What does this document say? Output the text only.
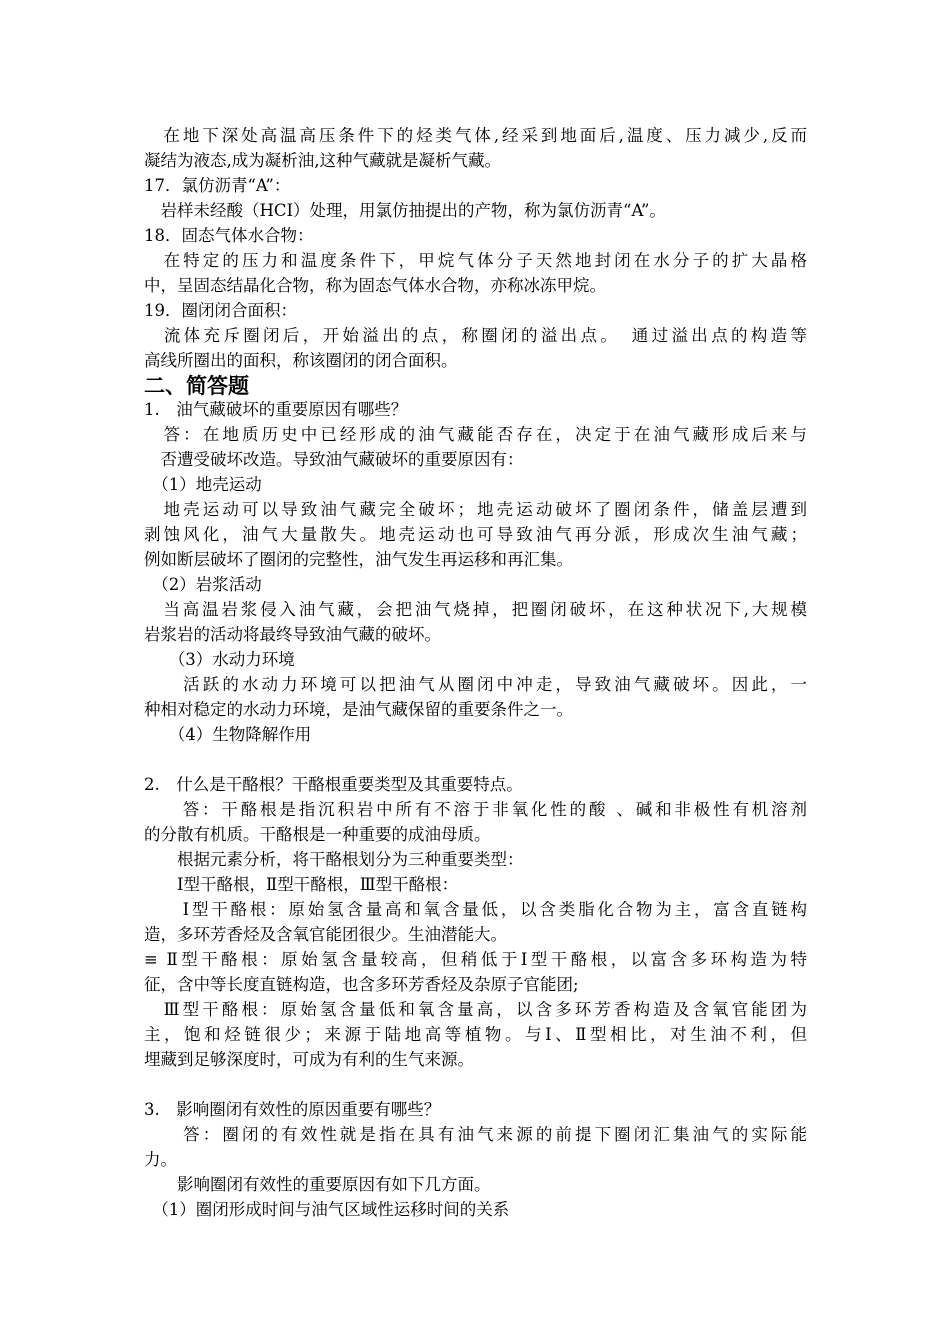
　在地下深处高温高压条件下的烃类气体,经采到地面后,温度、压力减少,反而

凝结为液态,成为凝析油,这种气藏就是凝析气藏。

17．氯仿沥青“A”：

　岩样未经酸（HCI）处理，用氯仿抽提出的产物，称为氯仿沥青“A”。

18．固态气体水合物：

　在特定的压力和温度条件下，甲烷气体分子天然地封闭在水分子的扩大晶格

中，呈固态结晶化合物，称为固态气体水合物，亦称冰冻甲烷。

19．圈闭闭合面积：

　流体充斥圈闭后，开始溢出的点，称圈闭的溢出点。　通过溢出点的构造等

高线所圈出的面积，称该圈闭的闭合面积。

二、简答题

1.　油气藏破坏的重要原因有哪些？

　答：在地质历史中已经形成的油气藏能否存在，决定于在油气藏形成后来与

　否遭受破坏改造。导致油气藏破坏的重要原因有：

　（1）地壳运动

　地壳运动可以导致油气藏完全破坏；地壳运动破坏了圈闭条件，储盖层遭到

剥蚀风化，油气大量散失。地壳运动也可导致油气再分派，形成次生油气藏；

例如断层破坏了圈闭的完整性，油气发生再运移和再汇集。

　（2）岩浆活动

　当高温岩浆侵入油气藏，会把油气烧掉，把圈闭破坏，在这种状况下,大规模

岩浆岩的活动将最终导致油气藏的破坏。

　　（3）水动力环境

　　活跃的水动力环境可以把油气从圈闭中冲走，导致油气藏破坏。因此，一

种相对稳定的水动力环境，是油气藏保留的重要条件之一。

　　（4）生物降解作用

2.　什么是干酪根？干酪根重要类型及其重要特点。

　　答：干酪根是指沉积岩中所有不溶于非氧化性的酸 、碱和非极性有机溶剂

的分散有机质。干酪根是一种重要的成油母质。

　　根据元素分析，将干酪根划分为三种重要类型：

　　I型干酪根，Ⅱ型干酪根，Ⅲ型干酪根：

　　I型干酪根：原始氢含量高和氧含量低，以含类脂化合物为主，富含直链构

造，多环芳香烃及含氧官能团很少。生油潜能大。

≡ Ⅱ型干酪根：原始氢含量较高，但稍低于I型干酪根，以富含多环构造为特

征，含中等长度直链构造，也含多环芳香烃及杂原子官能团;

　Ⅲ型干酪根：原始氢含量低和氧含量高，以含多环芳香构造及含氧官能团为

主，饱和烃链很少；来源于陆地高等植物。与Ⅰ、Ⅱ型相比，对生油不利，但

埋藏到足够深度时，可成为有利的生气来源。

3.　影响圈闭有效性的原因重要有哪些？

　　答：圈闭的有效性就是指在具有油气来源的前提下圈闭汇集油气的实际能

力。

　　影响圈闭有效性的重要原因有如下几方面。

　（1）圈闭形成时间与油气区域性运移时间的关系
